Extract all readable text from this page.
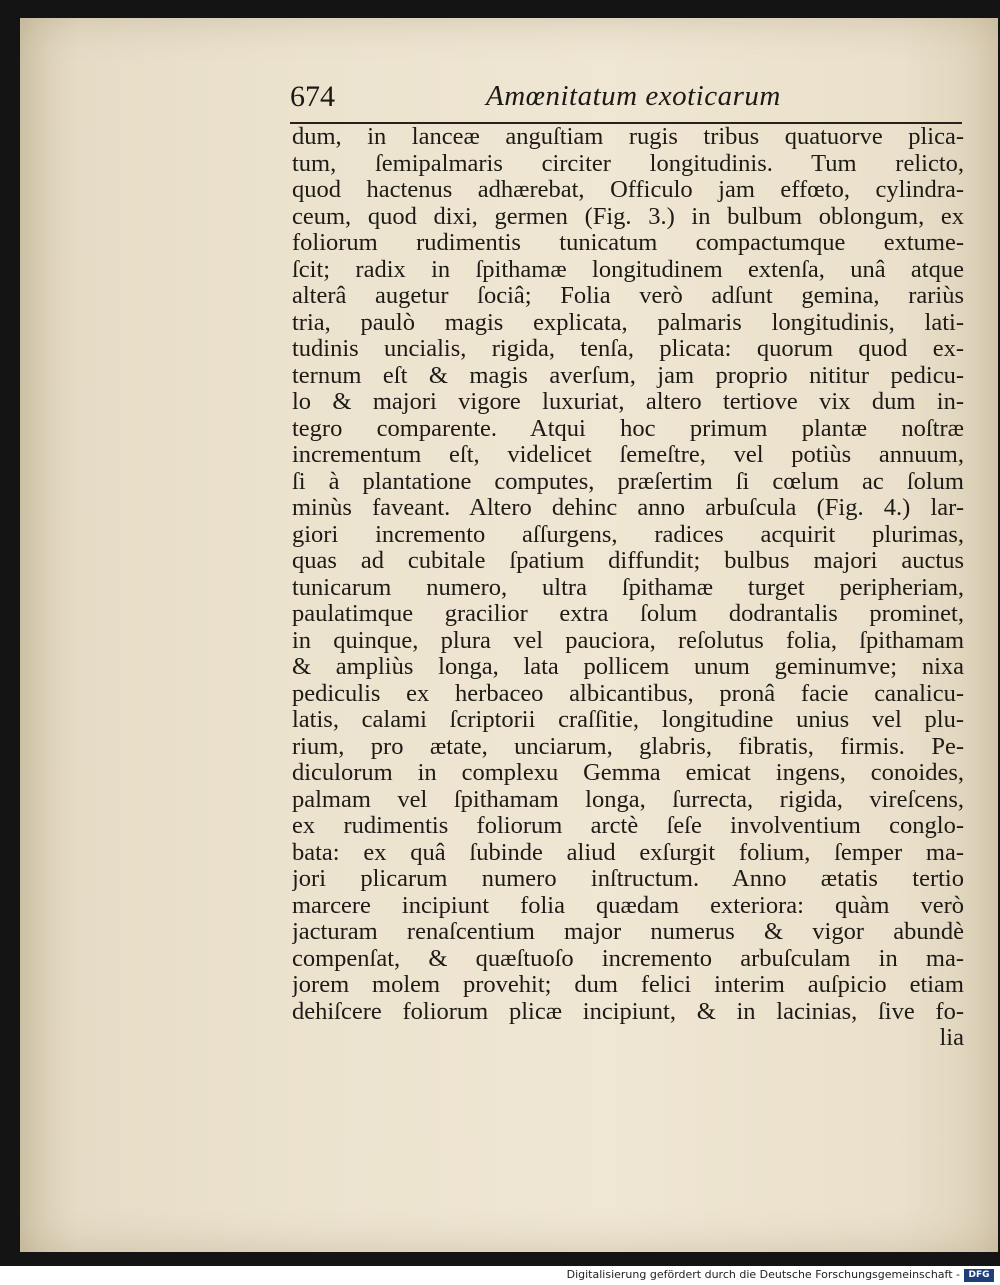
674	Amœnitatum exoticarum
dum, in lanceæ anguſtiam rugis tribus quatuorve plica-
tum, ſemipalmaris circiter longitudinis. Tum relicto,
quod hactenus adhærebat, Officulo jam effœto, cylindra-
ceum, quod dixi, germen (Fig. 3.) in bulbum oblongum, ex
foliorum rudimentis tunicatum compactumque extume-
ſcit; radix in ſpithamæ longitudinem extenſa, unâ atque
alterâ augetur ſociâ; Folia verò adſunt gemina, rariùs
tria, paulò magis explicata, palmaris longitudinis, lati-
tudinis uncialis, rigida, tenſa, plicata: quorum quod ex-
ternum eſt & magis averſum, jam proprio nititur pedicu-
lo & majori vigore luxuriat, altero tertiove vix dum in-
tegro comparente. Atqui hoc primum plantæ noſtræ
incrementum eſt, videlicet ſemeſtre, vel potiùs annuum,
ſi à plantatione computes, præſertim ſi cœlum ac ſolum
minùs faveant. Altero dehinc anno arbuſcula (Fig. 4.) lar-
giori incremento aſſurgens, radices acquirit plurimas,
quas ad cubitale ſpatium diffundit; bulbus majori auctus
tunicarum numero, ultra ſpithamæ turget peripheriam,
paulatimque gracilior extra ſolum dodrantalis prominet,
in quinque, plura vel pauciora, reſolutus folia, ſpithamam
& ampliùs longa, lata pollicem unum geminumve; nixa
pediculis ex herbaceo albicantibus, pronâ facie canalicu-
latis, calami ſcriptorii craſſitie, longitudine unius vel plu-
rium, pro ætate, unciarum, glabris, fibratis, firmis. Pe-
diculorum in complexu Gemma emicat ingens, conoides,
palmam vel ſpithamam longa, ſurrecta, rigida, vireſcens,
ex rudimentis foliorum arctè ſeſe involventium conglo-
bata: ex quâ ſubinde aliud exſurgit folium, ſemper ma-
jori plicarum numero inſtructum. Anno ætatis tertio
marcere incipiunt folia quædam exteriora: quàm verò
jacturam renaſcentium major numerus & vigor abundè
compenſat, & quæſtuoſo incremento arbuſculam in ma-
jorem molem provehit; dum felici interim auſpicio etiam
dehiſcere foliorum plicæ incipiunt, & in lacinias, ſive fo-
lia
Digitalisierung gefördert durch die Deutsche Forschungsgemeinschaft - DFG
